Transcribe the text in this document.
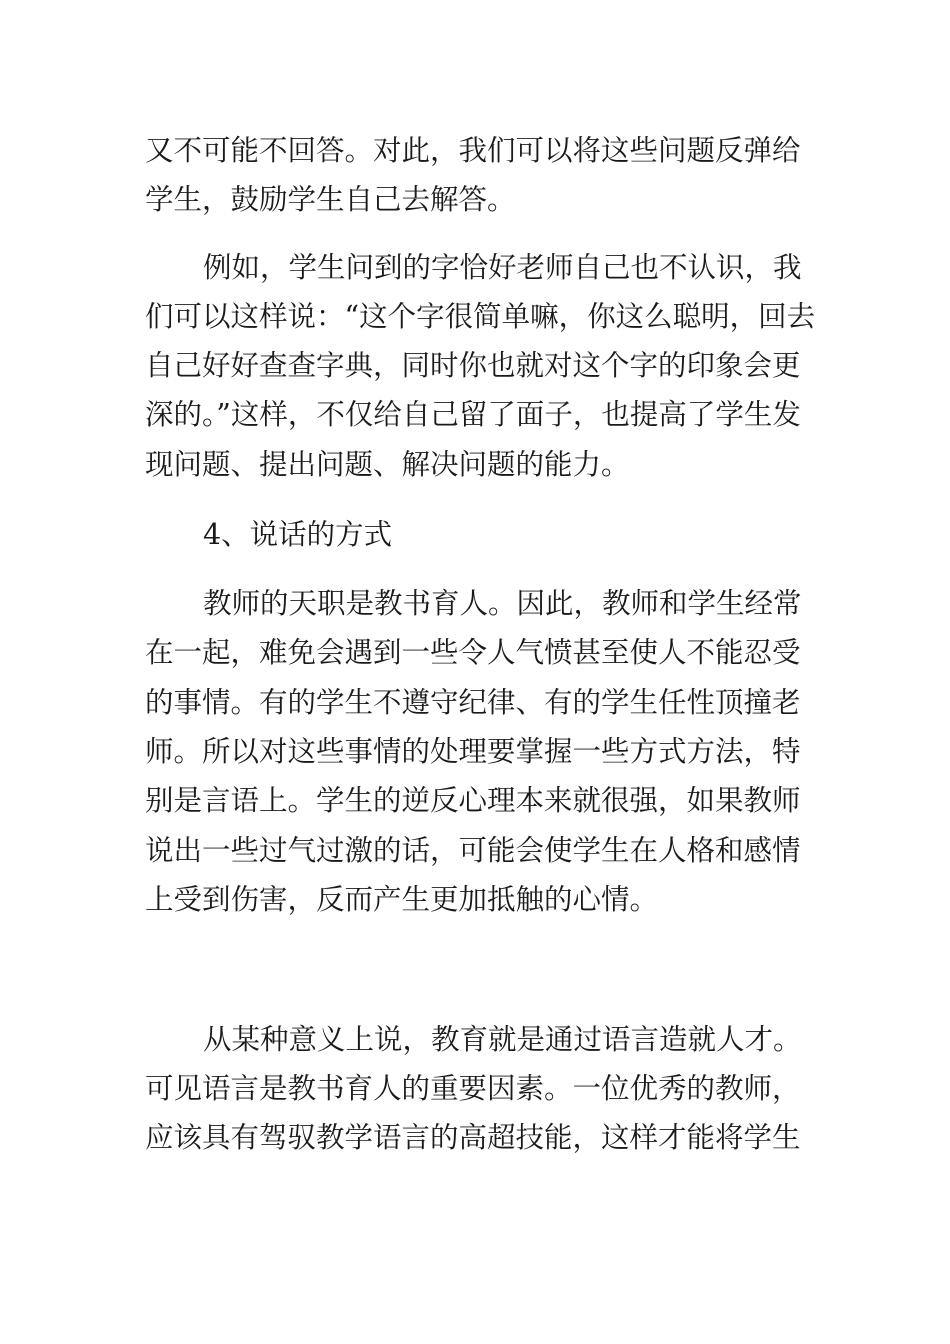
又不可能不回答。对此，我们可以将这些问题反弹给
学生，鼓励学生自己去解答。
例如，学生问到的字恰好老师自己也不认识，我
们可以这样说：“这个字很简单嘛，你这么聪明，回去
自己好好查查字典，同时你也就对这个字的印象会更
深的。”这样，不仅给自己留了面子，也提高了学生发
现问题、提出问题、解决问题的能力。
4、说话的方式
教师的天职是教书育人。因此，教师和学生经常
在一起，难免会遇到一些令人气愤甚至使人不能忍受
的事情。有的学生不遵守纪律、有的学生任性顶撞老
师。所以对这些事情的处理要掌握一些方式方法，特
别是言语上。学生的逆反心理本来就很强，如果教师
说出一些过气过激的话，可能会使学生在人格和感情
上受到伤害，反而产生更加抵触的心情。
从某种意义上说，教育就是通过语言造就人才。
可见语言是教书育人的重要因素。一位优秀的教师，
应该具有驾驭教学语言的高超技能，这样才能将学生
